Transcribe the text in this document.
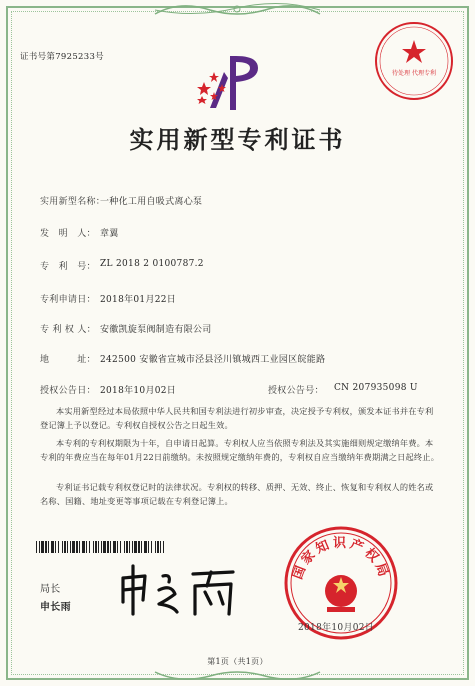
证书号第7925233号
待处理 代理专利
实用新型专利证书
实用新型名称：
一种化工用自吸式离心泵
发　明　人： 章翼
专　利　号： ZL 2018 2 0100787.2
专利申请日： 2018年01月22日
专 利 权 人： 安徽凯旋泵阀制造有限公司
地　　　址： 242500 安徽省宣城市泾县泾川镇城西工业园区皖能路
授权公告日： 2018年10月02日	授权公告号： CN 207935098 U
本实用新型经过本局依照中华人民共和国专利法进行初步审查，决定授予专利权，颁发本证书并在专利登记簿上予以登记。专利权自授权公告之日起生效。
本专利的专利权期限为十年，自申请日起算。专利权人应当依照专利法及其实施细则规定缴纳年费。本专利的年费应当在每年01月22日前缴纳。未按照规定缴纳年费的，专利权自应当缴纳年费期满之日起终止。
专利证书记载专利权登记时的法律状况。专利权的转移、质押、无效、终止、恢复和专利权人的姓名或名称、国籍、地址变更等事项记载在专利登记簿上。
局长
申长雨
国家知识产权局
2018年10月02日
第1页（共1页）
